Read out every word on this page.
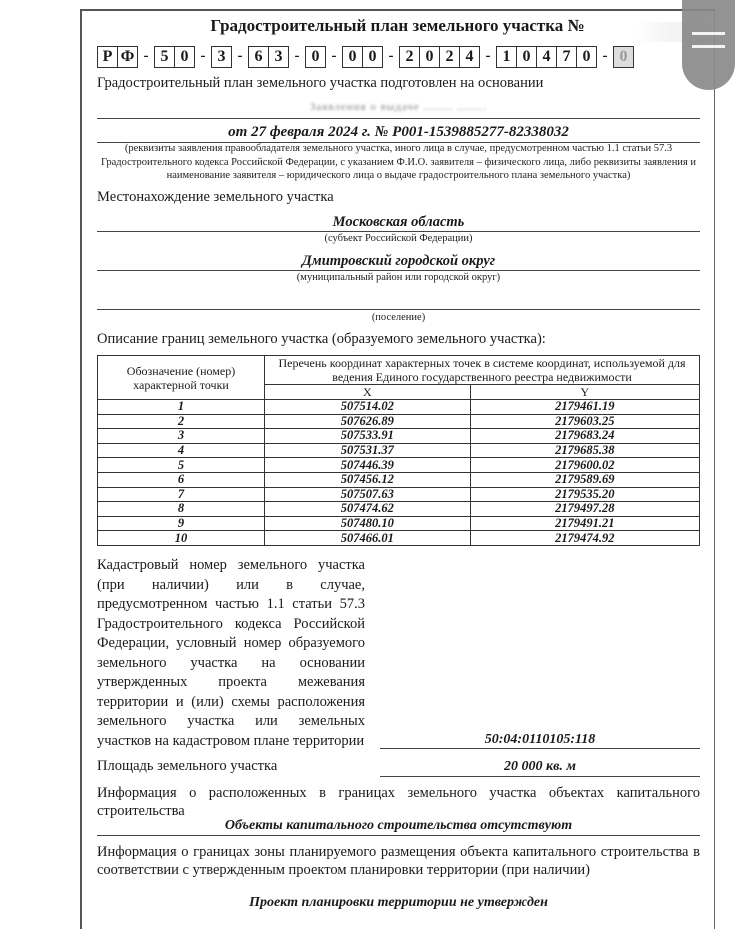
Градостроительный план земельного участка №
Р Ф - 5 0 - 3 - 6 3 - 0 - 0 0 - 2 0 2 4 - 1 0 4 7 0 - 0
Градостроительный план земельного участка подготовлен на основании
Заявления о выдаче ........ ........
от 27 февраля 2024 г. № Р001-1539885277-82338032
(реквизиты заявления правообладателя земельного участка, иного лица в случае, предусмотренном частью 1.1 статьи 57.3 Градостроительного кодекса Российской Федерации, с указанием Ф.И.О. заявителя – физического лица, либо реквизиты заявления и наименование заявителя – юридического лица о выдаче градостроительного плана земельного участка)
Местонахождение земельного участка
Московская область
(субъект Российской Федерации)
Дмитровский городской округ
(муниципальный район или городской округ)
(поселение)
Описание границ земельного участка (образуемого земельного участка):
Обозначение (номер) характерной точки	Перечень координат характерных точек в системе координат, используемой для ведения Единого государственного реестра недвижимости	
	X	Y
1	507514.02	2179461.19
2	507626.89	2179603.25
3	507533.91	2179683.24
4	507531.37	2179685.38
5	507446.39	2179600.02
6	507456.12	2179589.69
7	507507.63	2179535.20
8	507474.62	2179497.28
9	507480.10	2179491.21
10	507466.01	2179474.92
Кадастровый номер земельного участка (при наличии) или в случае, предусмотренном частью 1.1 статьи 57.3 Градостроительного кодекса Российской Федерации, условный номер образуемого земельного участка на основании утвержденных проекта межевания территории и (или) схемы расположения земельного участка или земельных участков на кадастровом плане территории	50:04:0110105:118
Площадь земельного участка	20 000 кв. м
Информация о расположенных в границах земельного участка объектах капитального строительства
Объекты капитального строительства отсутствуют
Информация о границах зоны планируемого размещения объекта капитального строительства в соответствии с утвержденным проектом планировки территории (при наличии)
Проект планировки территории не утвержден
